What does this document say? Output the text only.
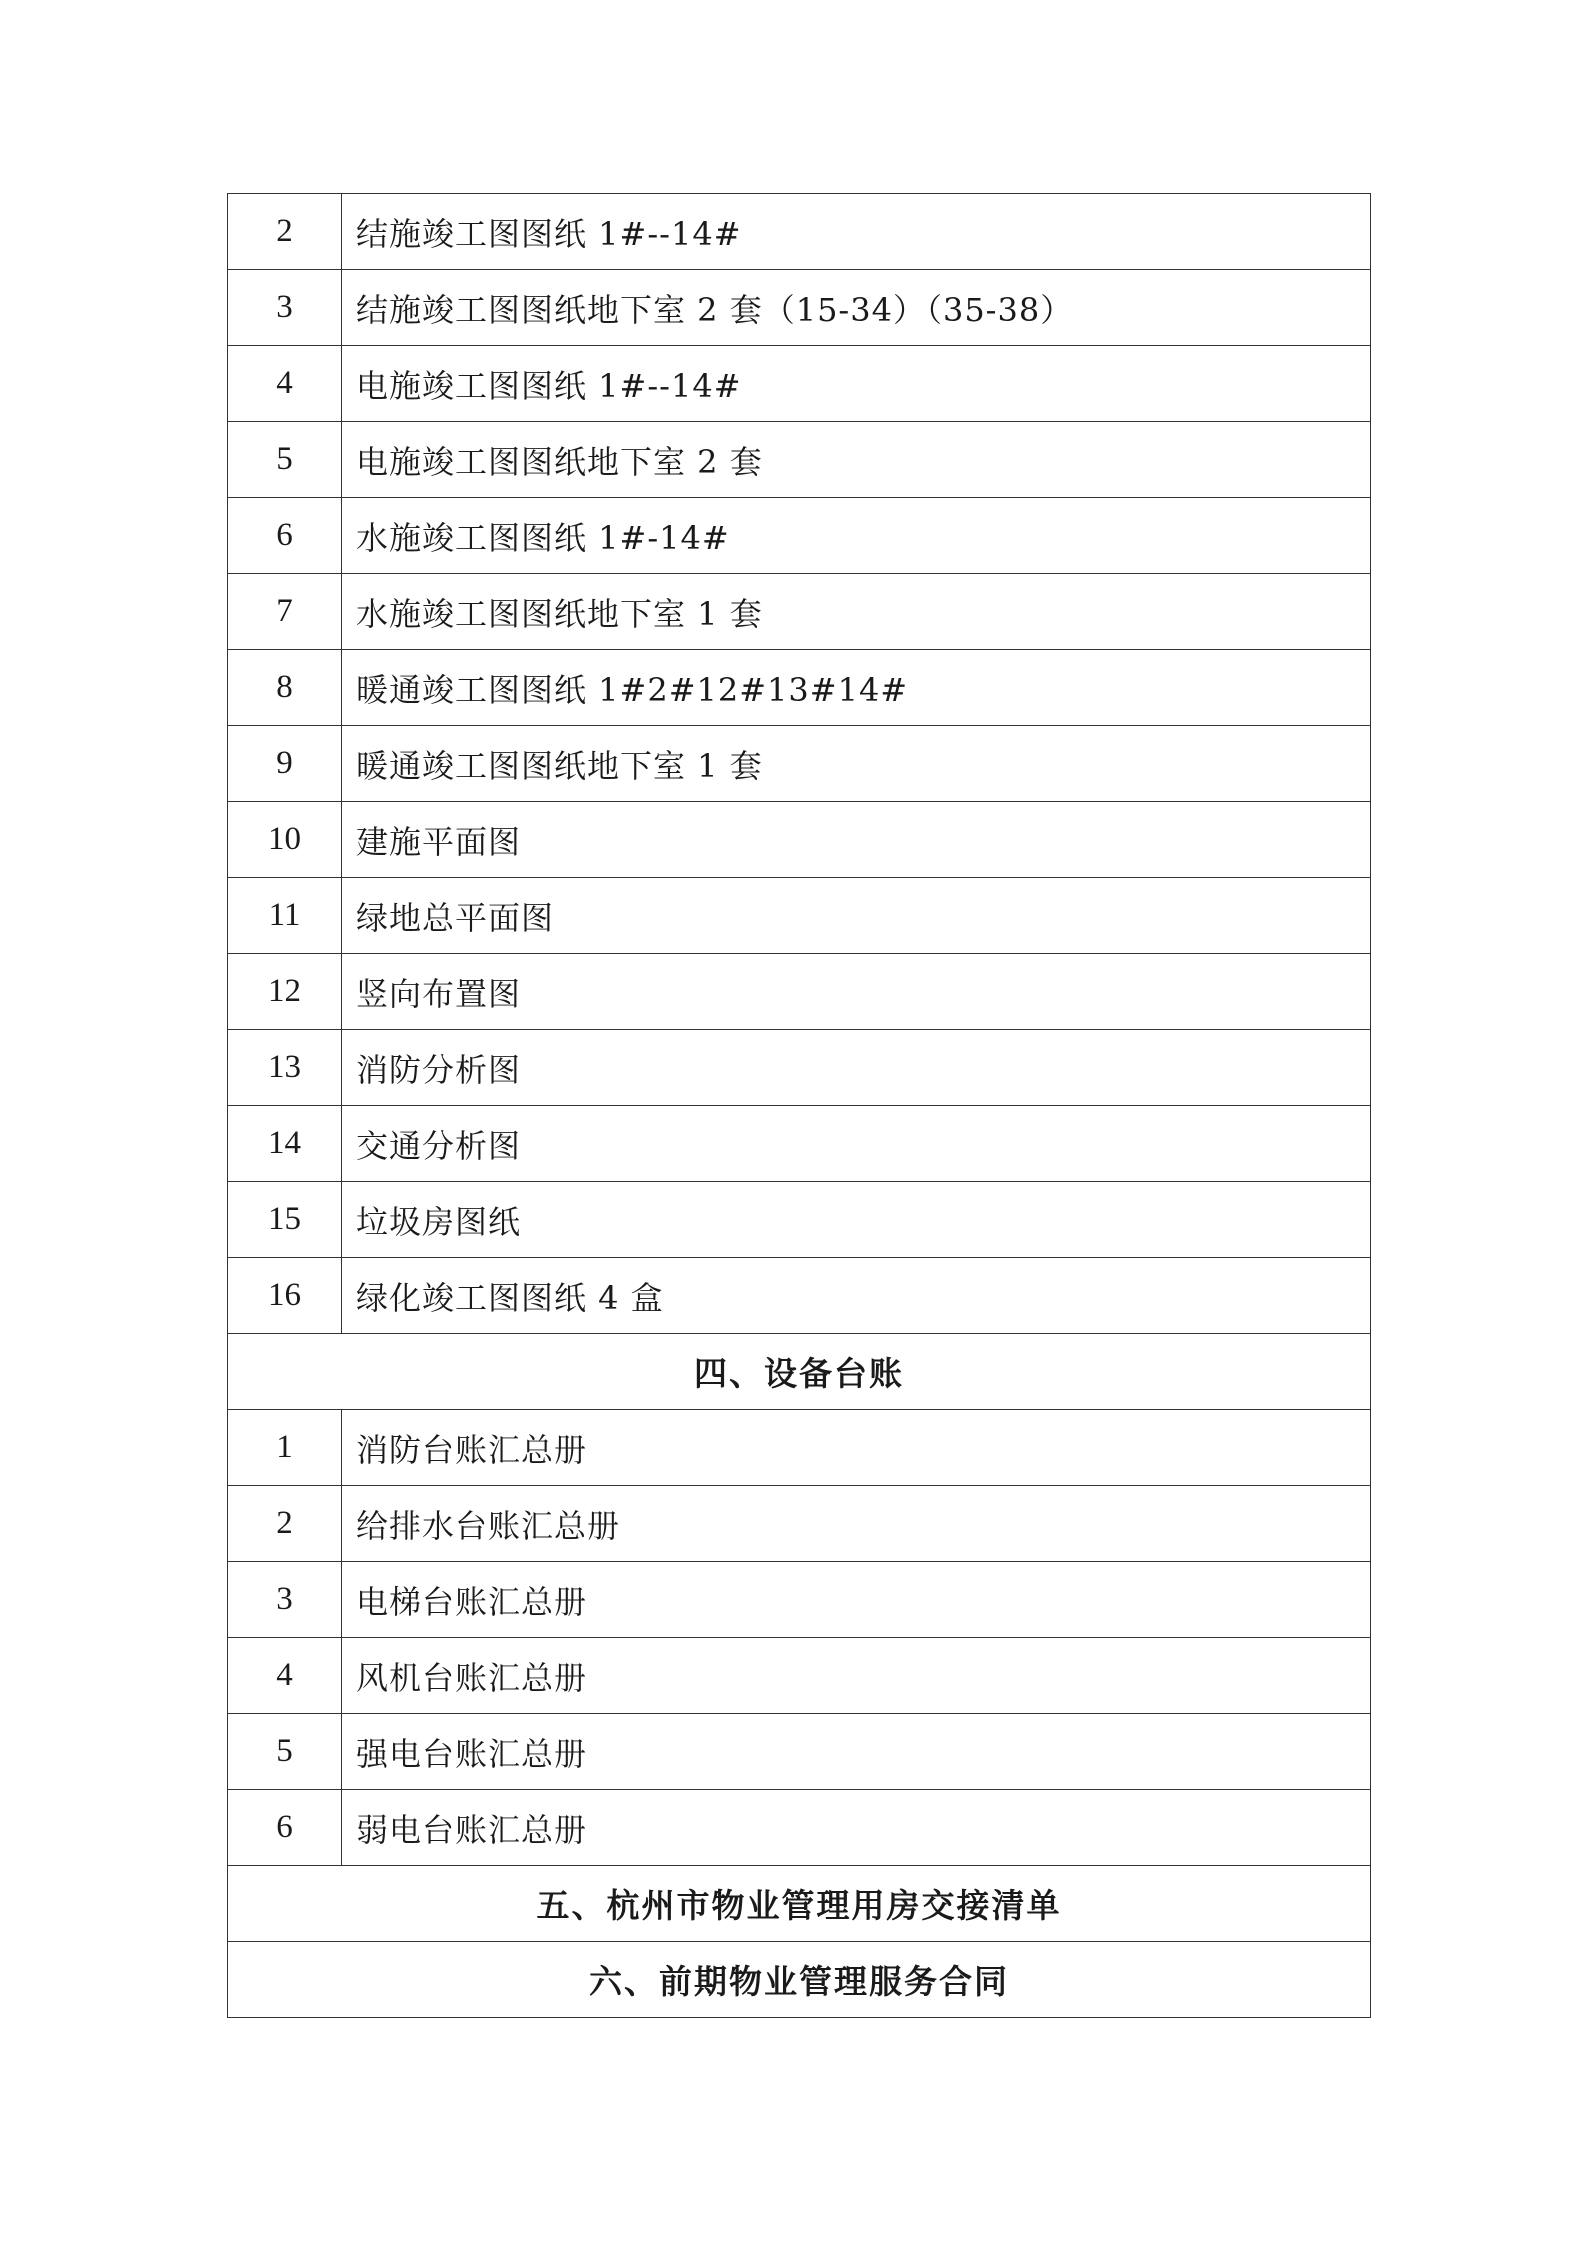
2	结施竣工图图纸 1#--14#
3	结施竣工图图纸地下室 2 套（15-34）（35-38）
4	电施竣工图图纸 1#--14#
5	电施竣工图图纸地下室 2 套
6	水施竣工图图纸 1#-14#
7	水施竣工图图纸地下室 1 套
8	暖通竣工图图纸 1#2#12#13#14#
9	暖通竣工图图纸地下室 1 套
10	建施平面图
11	绿地总平面图
12	竖向布置图
13	消防分析图
14	交通分析图
15	垃圾房图纸
16	绿化竣工图图纸 4 盒
四、设备台账	
1	消防台账汇总册
2	给排水台账汇总册
3	电梯台账汇总册
4	风机台账汇总册
5	强电台账汇总册
6	弱电台账汇总册
五、杭州市物业管理用房交接清单	
六、前期物业管理服务合同	
